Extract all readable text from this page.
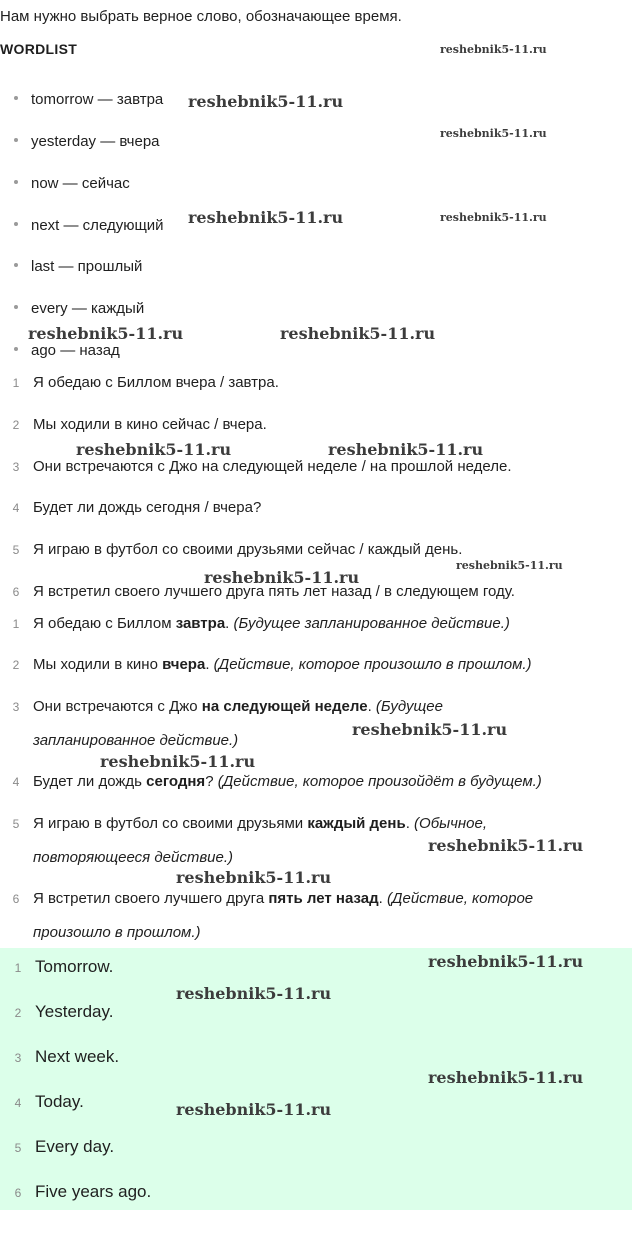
Нам нужно выбрать верное слово, обозначающее время.
WORDLIST
tomorrow — завтра
yesterday — вчера
now — сейчас
next — следующий
last — прошлый
every — каждый
ago — назад
1 Я обедаю с Биллом вчера / завтра.
2 Мы ходили в кино сейчас / вчера.
3 Они встречаются с Джо на следующей неделе / на прошлой неделе.
4 Будет ли дождь сегодня / вчера?
5 Я играю в футбол со своими друзьями сейчас / каждый день.
6 Я встретил своего лучшего друга пять лет назад / в следующем году.
1 Я обедаю с Биллом завтра. (Будущее запланированное действие.)
2 Мы ходили в кино вчера. (Действие, которое произошло в прошлом.)
3 Они встречаются с Джо на следующей неделе. (Будущее запланированное действие.)
4 Будет ли дождь сегодня? (Действие, которое произойдёт в будущем.)
5 Я играю в футбол со своими друзьями каждый день. (Обычное, повторяющееся действие.)
6 Я встретил своего лучшего друга пять лет назад. (Действие, которое произошло в прошлом.)
1 Tomorrow.
2 Yesterday.
3 Next week.
4 Today.
5 Every day.
6 Five years ago.
reshebnik5-11.ru
reshebnik5-11.ru
reshebnik5-11.ru
reshebnik5-11.ru	reshebnik5-11.ru
reshebnik5-11.ru	reshebnik5-11.ru
reshebnik5-11.ru	reshebnik5-11.ru
reshebnik5-11.ru
reshebnik5-11.ru
reshebnik5-11.ru
reshebnik5-11.ru
reshebnik5-11.ru
reshebnik5-11.ru
reshebnik5-11.ru
reshebnik5-11.ru
reshebnik5-11.ru
reshebnik5-11.ru
